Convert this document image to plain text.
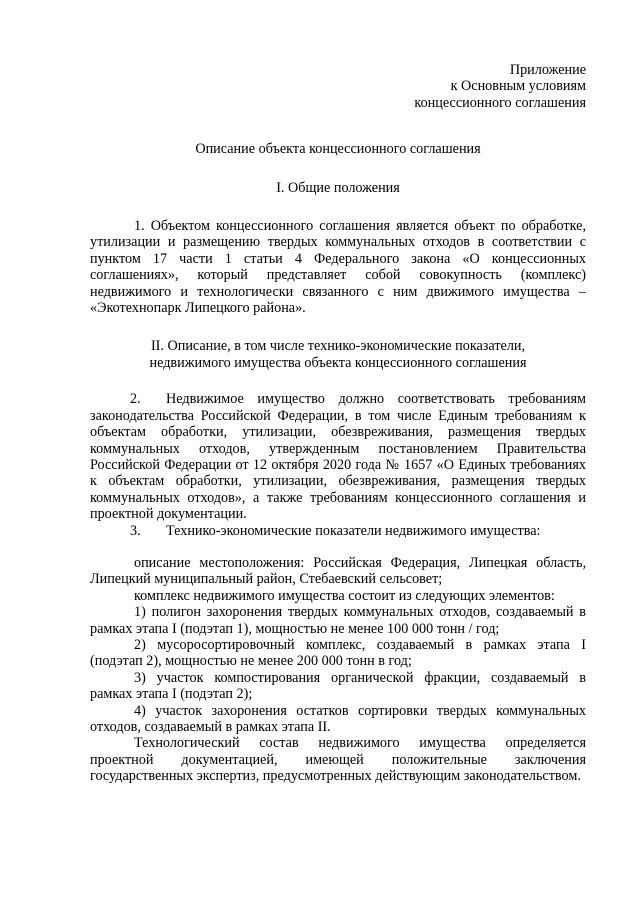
Приложение
к Основным условиям
концессионного соглашения
Описание объекта концессионного соглашения
I. Общие положения

1. Объектом концессионного соглашения является объект по обработке, утилизации и размещению твердых коммунальных отходов в соответствии с пунктом 17 части 1 статьи 4 Федерального закона «О концессионных соглашениях», который представляет собой совокупность (комплекс) недвижимого и технологически связанного с ним движимого имущества – «Экотехнопарк Липецкого района».

II. Описание, в том числе технико-экономические показатели,
недвижимого имущества объекта концессионного соглашения

2. Недвижимое имущество должно соответствовать требованиям законодательства Российской Федерации, в том числе Единым требованиям к объектам обработки, утилизации, обезвреживания, размещения твердых коммунальных отходов, утвержденным постановлением Правительства Российской Федерации от 12 октября 2020 года № 1657 «О Единых требованиях к объектам обработки, утилизации, обезвреживания, размещения твердых коммунальных отходов», а также требованиям концессионного соглашения и проектной документации.

3. Технико-экономические показатели недвижимого имущества:

описание местоположения: Российская Федерация, Липецкая область, Липецкий муниципальный район, Стебаевский сельсовет;

комплекс недвижимого имущества состоит из следующих элементов:

1) полигон захоронения твердых коммунальных отходов, создаваемый в рамках этапа I (подэтап 1), мощностью не менее 100 000 тонн / год;

2) мусоросортировочный комплекс, создаваемый в рамках этапа I (подэтап 2), мощностью не менее 200 000 тонн в год;

3) участок компостирования органической фракции, создаваемый в рамках этапа I (подэтап 2);

4) участок захоронения остатков сортировки твердых коммунальных отходов, создаваемый в рамках этапа II.

Технологический состав недвижимого имущества определяется проектной документацией, имеющей положительные заключения государственных экспертиз, предусмотренных действующим законодательством.
